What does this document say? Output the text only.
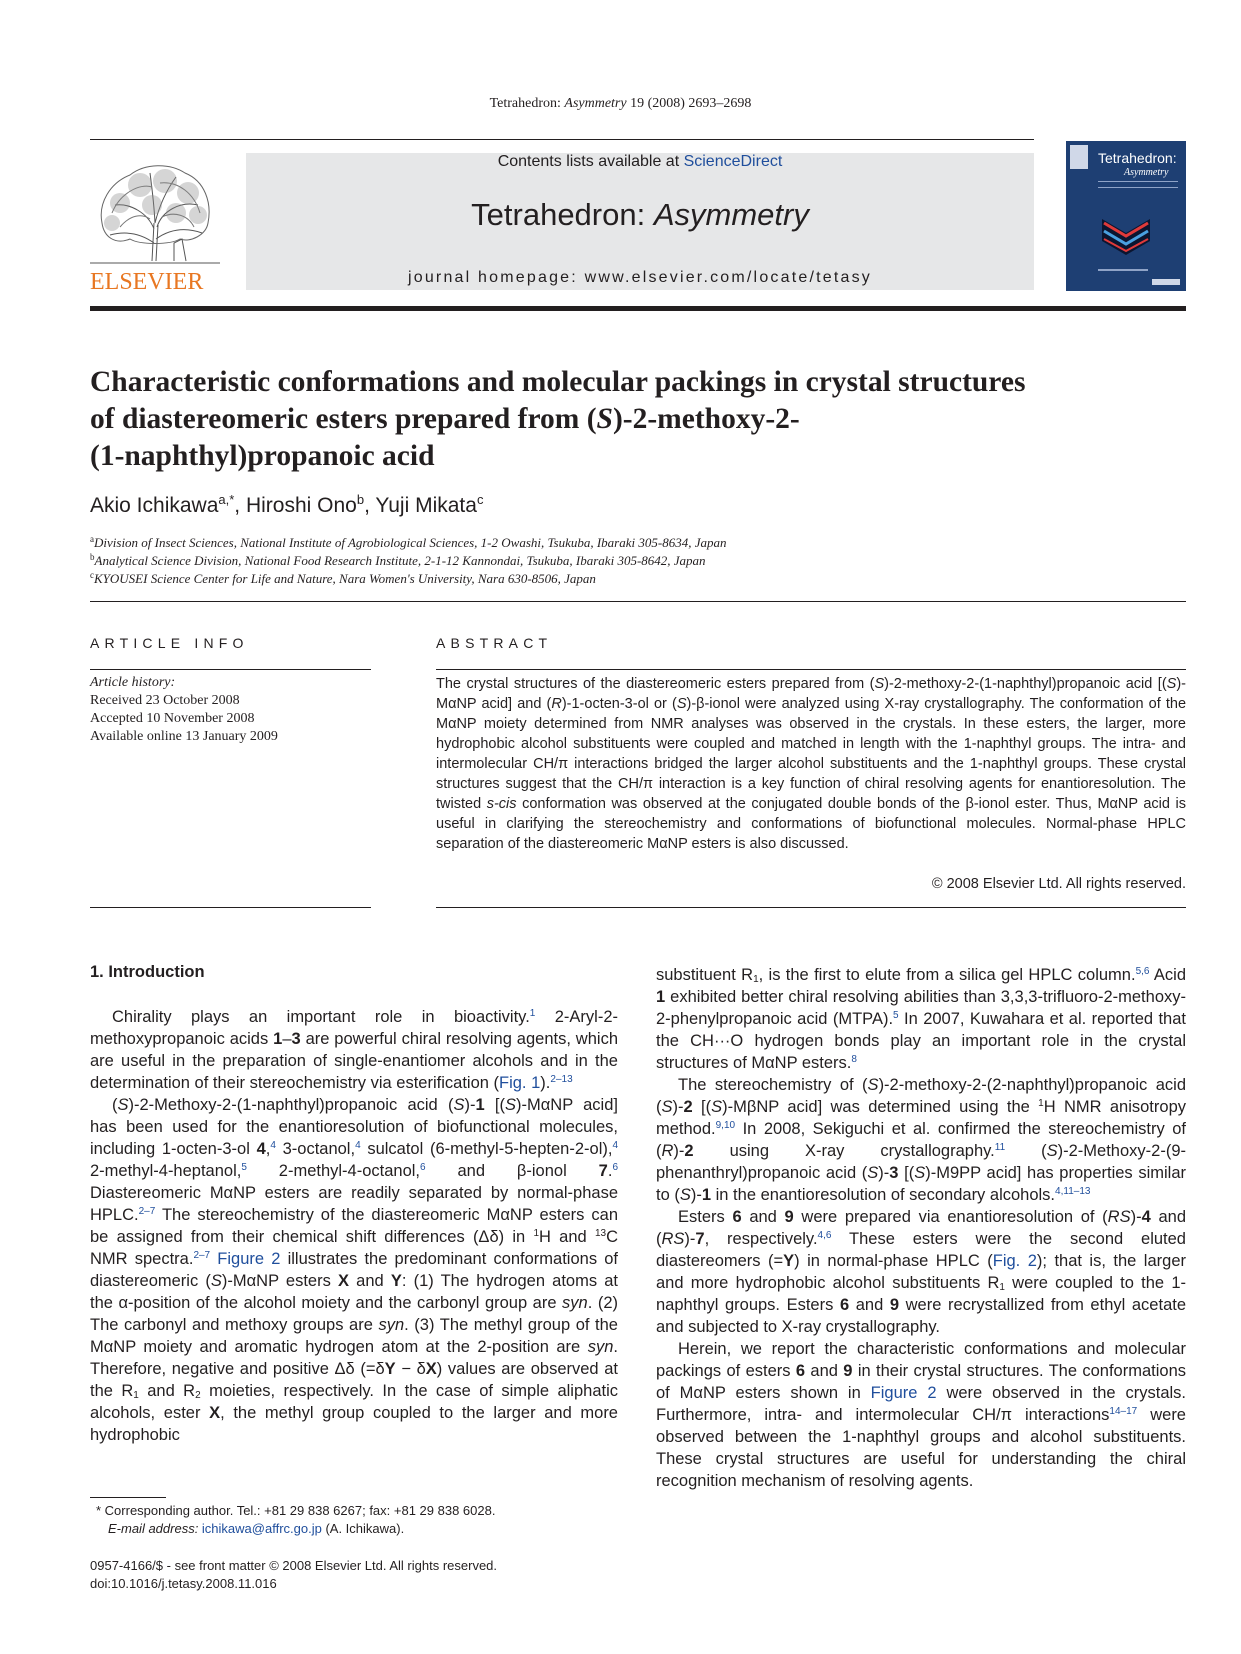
Tetrahedron: Asymmetry 19 (2008) 2693–2698
ELSEVIER
Contents lists available at ScienceDirect
Tetrahedron: Asymmetry
journal homepage: www.elsevier.com/locate/tetasy
Tetrahedron:
Asymmetry
Characteristic conformations and molecular packings in crystal structures
of diastereomeric esters prepared from (S)-2-methoxy-2-
(1-naphthyl)propanoic acid
Akio Ichikawa$^{a,*}$, Hiroshi Ono$^b$, Yuji Mikata$^c$
$^a$Division of Insect Sciences, National Institute of Agrobiological Sciences, 1-2 Owashi, Tsukuba, Ibaraki 305-8634, Japan
$^b$Analytical Science Division, National Food Research Institute, 2-1-12 Kannondai, Tsukuba, Ibaraki 305-8642, Japan
$^c$KYOUSEI Science Center for Life and Nature, Nara Women's University, Nara 630-8506, Japan
ARTICLE INFO	ABSTRACT
Article history:
Received 23 October 2008
Accepted 10 November 2008
Available online 13 January 2009

The crystal structures of the diastereomeric esters prepared from (S)-2-methoxy-2-(1-naphthyl)propanoic acid [(S)-MαNP acid] and (R)-1-octen-3-ol or (S)-β-ionol were analyzed using X-ray crystallography. The conformation of the MαNP moiety determined from NMR analyses was observed in the crystals. In these esters, the larger, more hydrophobic alcohol substituents were coupled and matched in length with the 1-naphthyl groups. The intra- and intermolecular CH/π interactions bridged the larger alcohol substituents and the 1-naphthyl groups. These crystal structures suggest that the CH/π interaction is a key function of chiral resolving agents for enantioresolution. The twisted s-cis conformation was observed at the conjugated double bonds of the β-ionol ester. Thus, MαNP acid is useful in clarifying the stereochemistry and conformations of biofunctional molecules. Normal-phase HPLC separation of the diastereomeric MαNP esters is also discussed.

© 2008 Elsevier Ltd. All rights reserved.
1. Introduction

Chirality plays an important role in bioactivity.$^1$ 2-Aryl-2-methoxypropanoic acids 1–3 are powerful chiral resolving agents, which are useful in the preparation of single-enantiomer alcohols and in the determination of their stereochemistry via esterification (Fig. 1).$^{2-13}$

(S)-2-Methoxy-2-(1-naphthyl)propanoic acid (S)-1 [(S)-MαNP acid] has been used for the enantioresolution of biofunctional molecules, including 1-octen-3-ol 4,$^4$ 3-octanol,$^4$ sulcatol (6-methyl-5-hepten-2-ol),$^4$ 2-methyl-4-heptanol,$^5$ 2-methyl-4-octanol,$^6$ and β-ionol 7.$^6$ Diastereomeric MαNP esters are readily separated by normal-phase HPLC.$^{2-7}$ The stereochemistry of the diastereomeric MαNP esters can be assigned from their chemical shift differences (Δδ) in $^1$H and $^{13}$C NMR spectra.$^{2-7}$ Figure 2 illustrates the predominant conformations of diastereomeric (S)-MαNP esters X and Y: (1) The hydrogen atoms at the α-position of the alcohol moiety and the carbonyl group are syn. (2) The carbonyl and methoxy groups are syn. (3) The methyl group of the MαNP moiety and aromatic hydrogen atom at the 2-position are syn. Therefore, negative and positive Δδ (=δY − δX) values are observed at the $R_1$ and $R_2$ moieties, respectively. In the case of simple aliphatic alcohols, ester X, the methyl group coupled to the larger and more hydrophobic

substituent $R_1$, is the first to elute from a silica gel HPLC column.$^{5,6}$ Acid 1 exhibited better chiral resolving abilities than 3,3,3-trifluoro-2-methoxy-2-phenylpropanoic acid (MTPA).$^5$ In 2007, Kuwahara et al. reported that the CH···O hydrogen bonds play an important role in the crystal structures of MαNP esters.$^8$

The stereochemistry of (S)-2-methoxy-2-(2-naphthyl)propanoic acid (S)-2 [(S)-MβNP acid] was determined using the $^1$H NMR anisotropy method.$^{9,10}$ In 2008, Sekiguchi et al. confirmed the stereochemistry of (R)-2 using X-ray crystallography.$^{11}$ (S)-2-Methoxy-2-(9-phenanthryl)propanoic acid (S)-3 [(S)-M9PP acid] has properties similar to (S)-1 in the enantioresolution of secondary alcohols.$^{4,11-13}$

Esters 6 and 9 were prepared via enantioresolution of (RS)-4 and (RS)-7, respectively.$^{4,6}$ These esters were the second eluted diastereomers (=Y) in normal-phase HPLC (Fig. 2); that is, the larger and more hydrophobic alcohol substituents $R_1$ were coupled to the 1-naphthyl groups. Esters 6 and 9 were recrystallized from ethyl acetate and subjected to X-ray crystallography.

Herein, we report the characteristic conformations and molecular packings of esters 6 and 9 in their crystal structures. The conformations of MαNP esters shown in Figure 2 were observed in the crystals. Furthermore, intra- and intermolecular CH/π interactions$^{14-17}$ were observed between the 1-naphthyl groups and alcohol substituents. These crystal structures are useful for understanding the chiral recognition mechanism of resolving agents.

* Corresponding author. Tel.: +81 29 838 6267; fax: +81 29 838 6028.
E-mail address: ichikawa@affrc.go.jp (A. Ichikawa).
0957-4166/$ - see front matter © 2008 Elsevier Ltd. All rights reserved.
doi:10.1016/j.tetasy.2008.11.016
